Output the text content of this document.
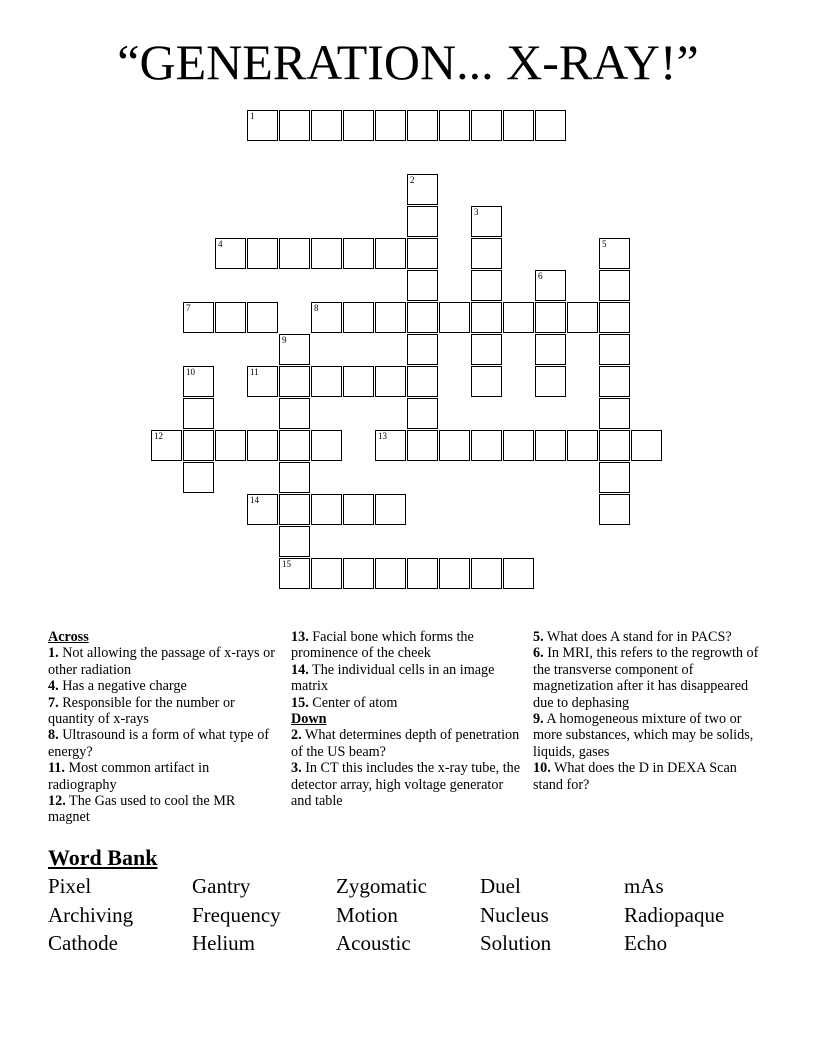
“GENERATION... X-RAY!”
1
2
3
4	5
6
7	8
9
10	11
12	13
14
15
Across
1. Not allowing the passage of x-rays or other radiation
4. Has a negative charge
7. Responsible for the number or quantity of x-rays
8. Ultrasound is a form of what type of energy?
11. Most common artifact in radiography
12. The Gas used to cool the MR magnet
13. Facial bone which forms the prominence of the cheek
14. The individual cells in an image matrix
15. Center of atom
Down
2. What determines depth of penetration of the US beam?
3. In CT this includes the x-ray tube, the detector array, high voltage generator and table
5. What does A stand for in PACS?
6. In MRI, this refers to the regrowth of the transverse component of magnetization after it has disappeared due to dephasing
9. A homogeneous mixture of two or more substances, which may be solids, liquids, gases
10. What does the D in DEXA Scan stand for?
Word Bank
Pixel	Gantry	Zygomatic	Duel	mAs
Archiving	Frequency	Motion	Nucleus	Radiopaque
Cathode	Helium	Acoustic	Solution	Echo
